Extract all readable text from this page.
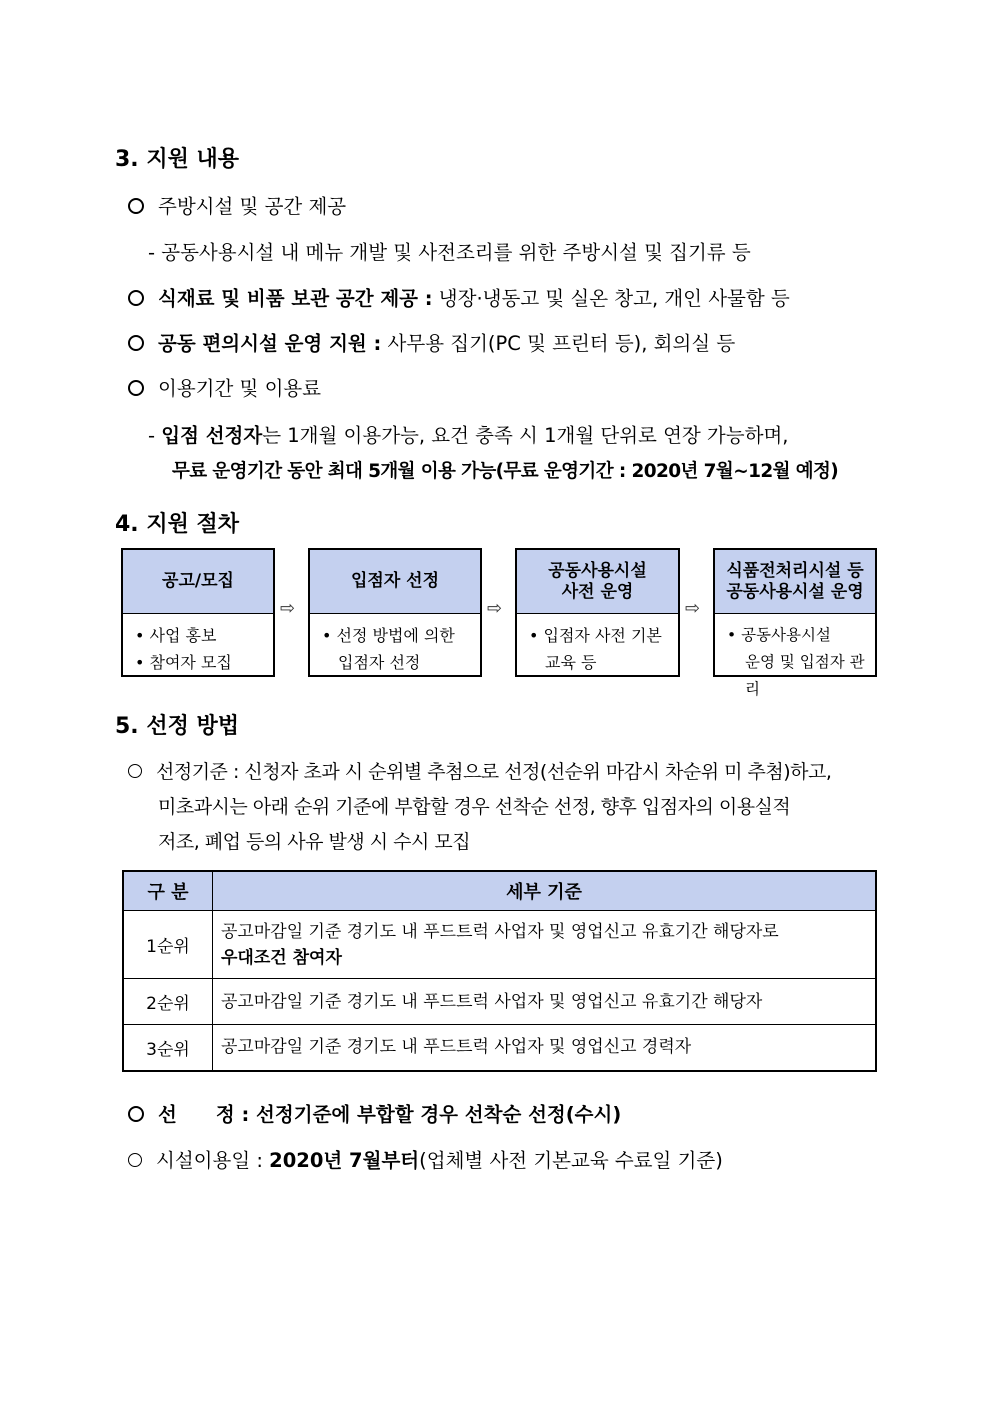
3. 지원 내용
주방시설 및 공간 제공
- 공동사용시설 내 메뉴 개발 및 사전조리를 위한 주방시설 및 집기류 등
식재료 및 비품 보관 공간 제공 : 냉장·냉동고 및 실온 창고, 개인 사물함 등
공동 편의시설 운영 지원 : 사무용 집기(PC 및 프린터 등), 회의실 등
이용기간 및 이용료
- 입점 선정자는 1개월 이용가능, 요건 충족 시 1개월 단위로 연장 가능하며,
무료 운영기간 동안 최대 5개월 이용 가능(무료 운영기간 : 2020년 7월~12월 예정)
4. 지원 절차
공고/모집
• 사업 홍보
• 참여자 모집
⇨
입점자 선정
• 선정 방법에 의한
입점자 선정
⇨
공동사용시설
사전 운영
• 입점자 사전 기본
교육 등
⇨
식품전처리시설 등
공동사용시설 운영
• 공동사용시설
운영 및 입점자 관리
5. 선정 방법
선정기준 : 신청자 초과 시 순위별 추첨으로 선정(선순위 마감시 차순위 미 추첨)하고,
미초과시는 아래 순위 기준에 부합할 경우 선착순 선정, 향후 입점자의 이용실적
저조, 폐업 등의 사유 발생 시 수시 모집
구 분	세부 기준
1순위	공고마감일 기준 경기도 내 푸드트럭 사업자 및 영업신고 유효기간 해당자로
우대조건 참여자

2순위	공고마감일 기준 경기도 내 푸드트럭 사업자 및 영업신고 유효기간 해당자
3순위	공고마감일 기준 경기도 내 푸드트럭 사업자 및 영업신고 경력자
선　　정 : 선정기준에 부합할 경우 선착순 선정(수시)
시설이용일 : 2020년 7월부터(업체별 사전 기본교육 수료일 기준)
